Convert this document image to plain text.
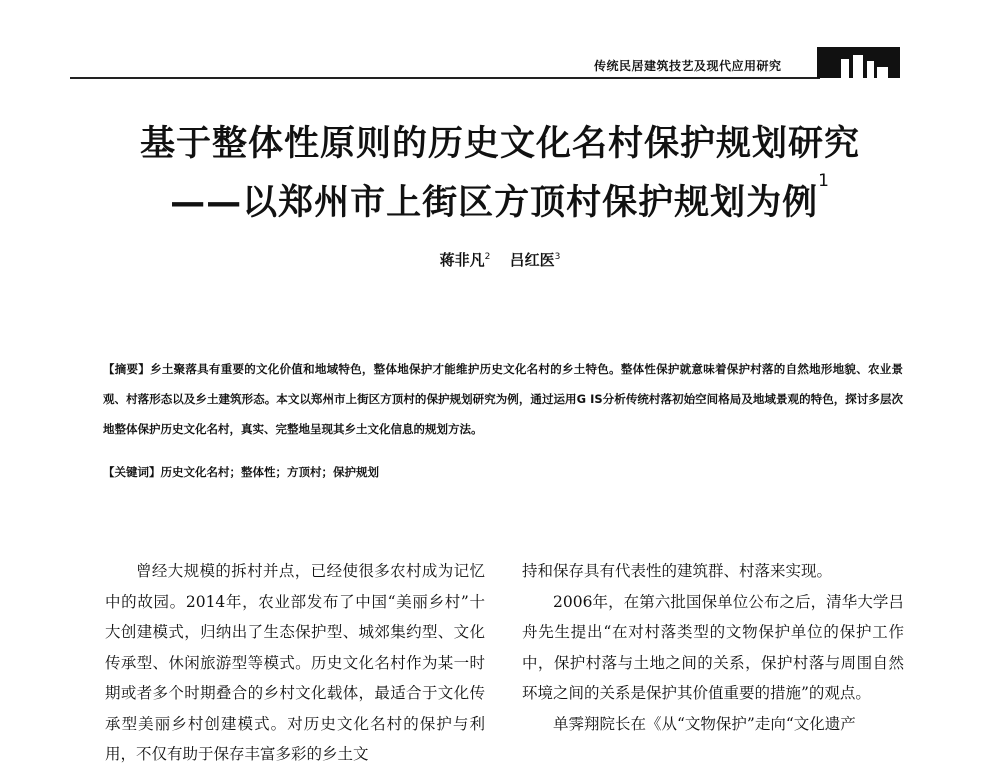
传统民居建筑技艺及现代应用研究
基于整体性原则的历史文化名村保护规划研究
——以郑州市上街区方顶村保护规划为例$^1$
蒋非凡$^2$ 吕红医$^3$
【摘要】乡土聚落具有重要的文化价值和地域特色，整体地保护才能维护历史文化名村的乡土特色。整体性保护就意味着保护村落的自然地形地貌、农业景观、村落形态以及乡土建筑形态。本文以郑州市上街区方顶村的保护规划研究为例，通过运用G IS分析传统村落初始空间格局及地域景观的特色，探讨多层次地整体保护历史文化名村，真实、完整地呈现其乡土文化信息的规划方法。
【关键词】历史文化名村；整体性；方顶村；保护规划
曾经大规模的拆村并点，已经使很多农村成为记忆中的故园。2014年，农业部发布了中国“美丽乡村”十大创建模式，归纳出了生态保护型、城郊集约型、文化传承型、休闲旅游型等模式。历史文化名村作为某一时期或者多个时期叠合的乡村文化载体，最适合于文化传承型美丽乡村创建模式。对历史文化名村的保护与利用，不仅有助于保存丰富多彩的乡土文
持和保存具有代表性的建筑群、村落来实现。
2006年，在第六批国保单位公布之后，清华大学吕舟先生提出“在对村落类型的文物保护单位的保护工作中，保护村落与土地之间的关系，保护村落与周围自然环境之间的关系是保护其价值重要的措施”的观点。
单霁翔院长在《从“文物保护”走向“文化遗产
